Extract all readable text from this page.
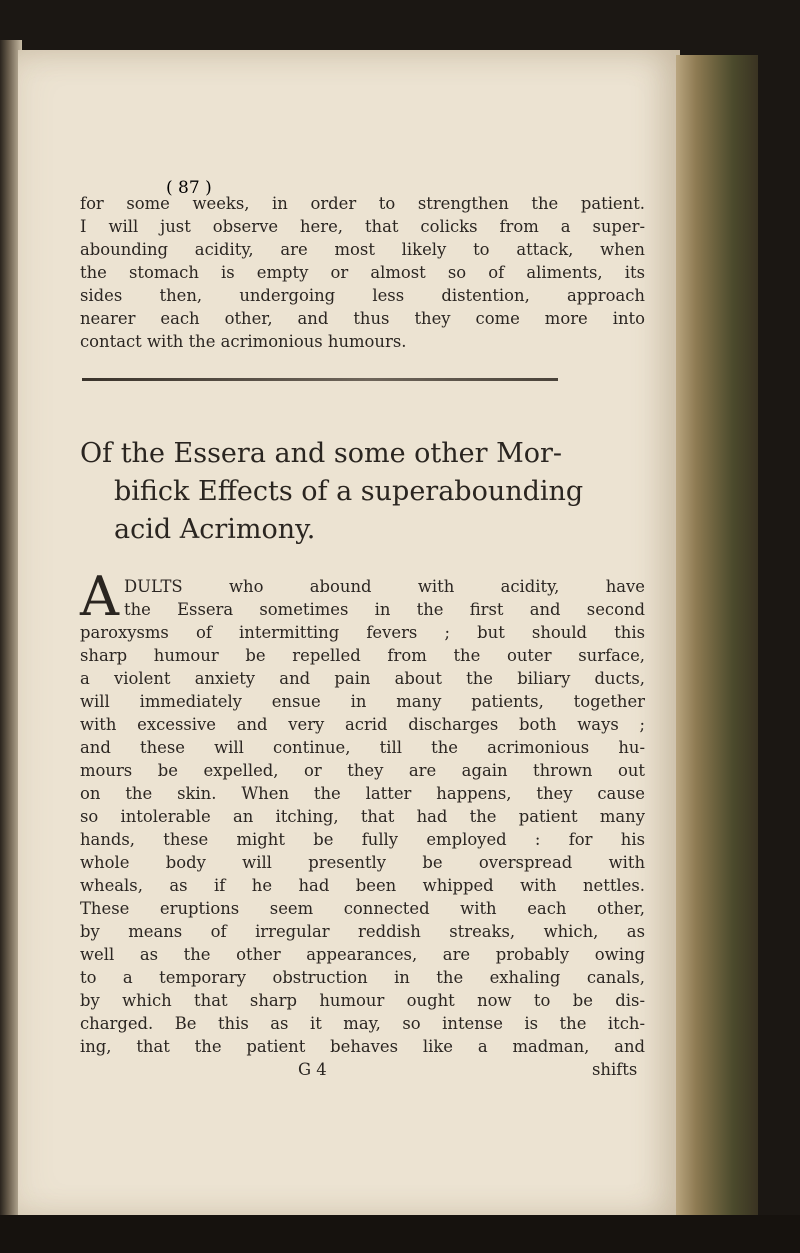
( 87 )
for some weeks, in order to strengthen the patient.
I will just observe here, that colicks from a super-
abounding acidity, are most likely to attack, when
the stomach is empty or almost so of aliments, its
sides then, undergoing less distention, approach
nearer each other, and thus they come more into
contact with the acrimonious humours.
Of the Essera and some other Mor-
bifick Effects of a superabounding
acid Acrimony.
A DULTS who abound with acidity, have
the Essera sometimes in the first and second
paroxysms of intermitting fevers ; but should this
sharp humour be repelled from the outer surface,
a violent anxiety and pain about the biliary ducts,
will immediately ensue in many patients, together
with excessive and very acrid discharges both ways ;
and these will continue, till the acrimonious hu-
mours be expelled, or they are again thrown out
on the skin. When the latter happens, they cause
so intolerable an itching, that had the patient many
hands, these might be fully employed : for his
whole body will presently be overspread with
wheals, as if he had been whipped with nettles.
These eruptions seem connected with each other,
by means of irregular reddish streaks, which, as
well as the other appearances, are probably owing
to a temporary obstruction in the exhaling canals,
by which that sharp humour ought now to be dis-
charged. Be this as it may, so intense is the itch-
ing, that the patient behaves like a madman, and
G 4	shifts
